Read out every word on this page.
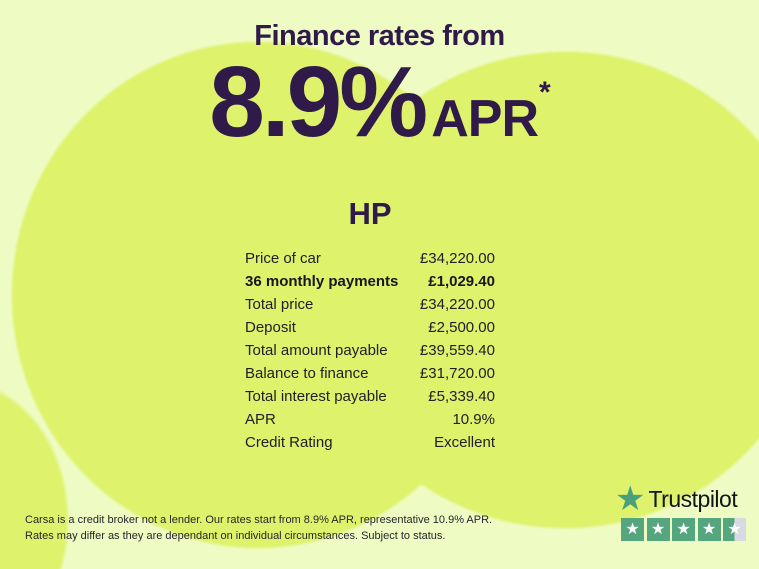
Finance rates from
8.9% APR*
HP
Price of car	£34,220.00
36 monthly payments £1,029.40
Total price	£34,220.00
Deposit	£2,500.00
Total amount payable £39,559.40
Balance to finance	£31,720.00
Total interest payable	£5,339.40
APR	10.9%
Credit Rating	Excellent
Carsa is a credit broker not a lender. Our rates start from 8.9% APR, representative 10.9% APR.
Rates may differ as they are dependant on individual circumstances. Subject to status.
★ Trustpilot
★ ★ ★ ★ ★
